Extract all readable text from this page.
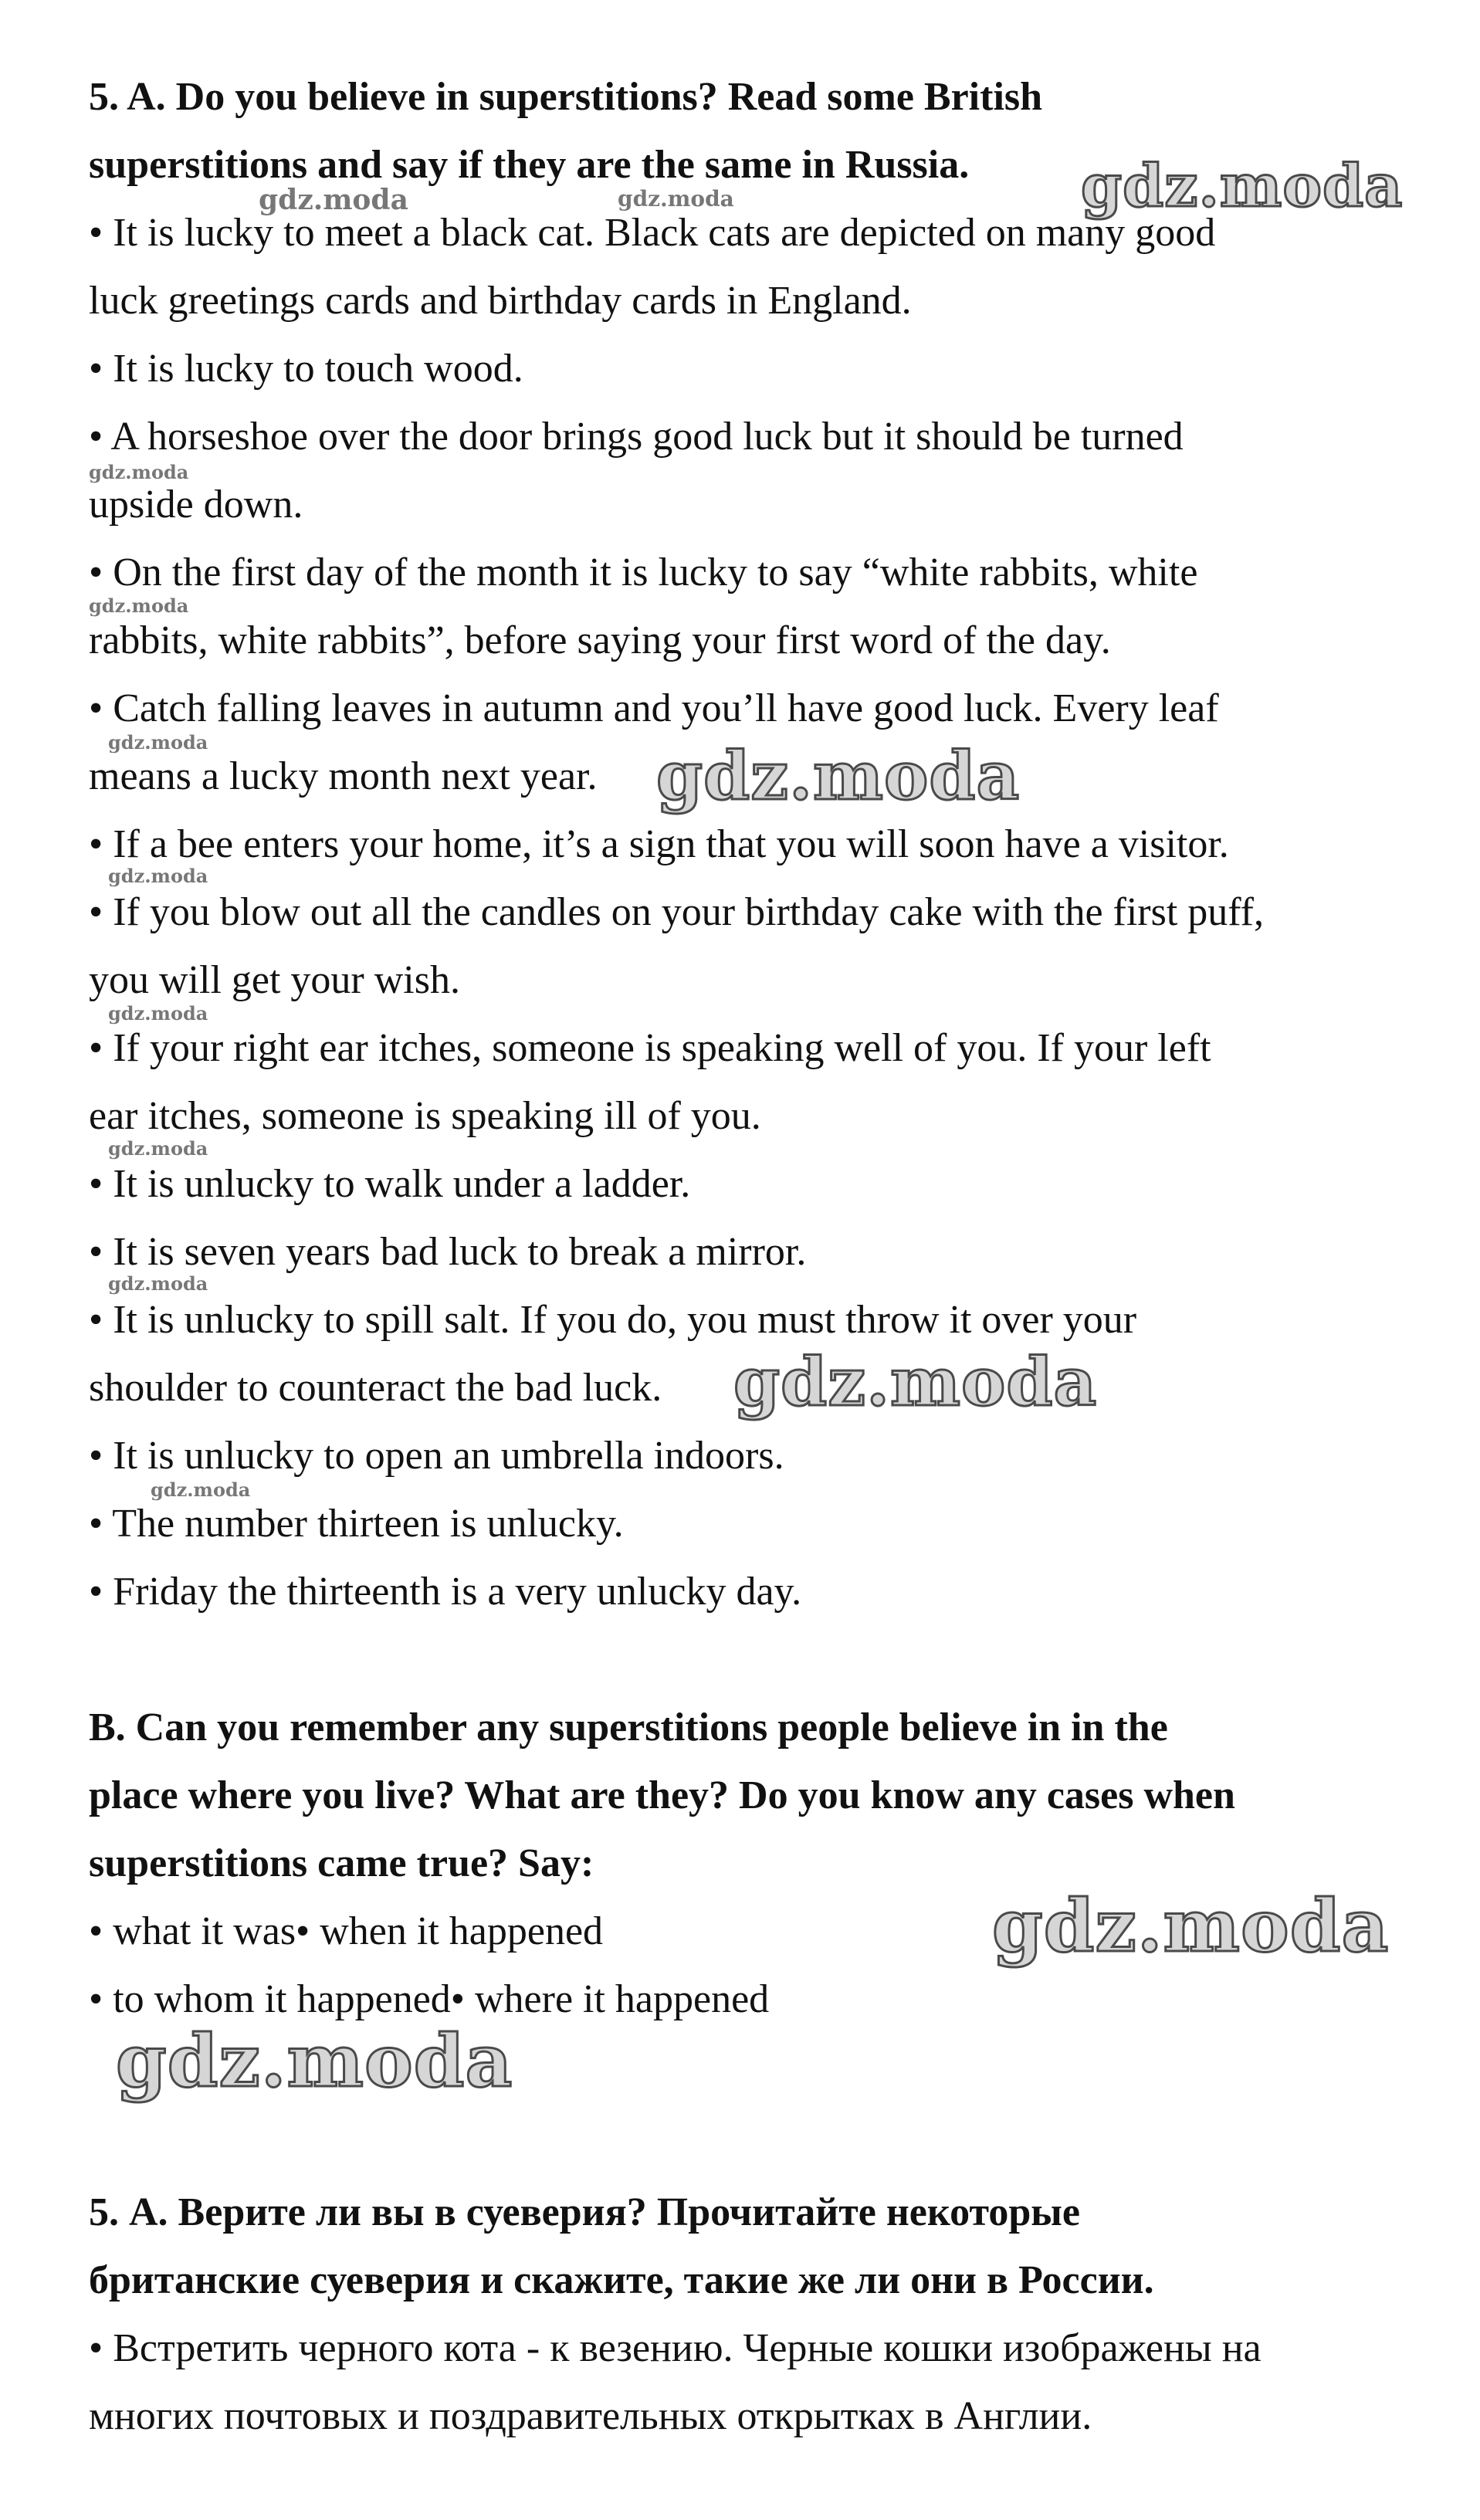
5. A. Do you believe in superstitions? Read some British
superstitions and say if they are the same in Russia.
• It is lucky to meet a black cat. Black cats are depicted on many good
luck greetings cards and birthday cards in England.
• It is lucky to touch wood.
• A horseshoe over the door brings good luck but it should be turned
upside down.
• On the first day of the month it is lucky to say “white rabbits, white
rabbits, white rabbits”, before saying your first word of the day.
• Catch falling leaves in autumn and you’ll have good luck. Every leaf
means a lucky month next year.
• If a bee enters your home, it’s a sign that you will soon have a visitor.
• If you blow out all the candles on your birthday cake with the first puff,
you will get your wish.
• If your right ear itches, someone is speaking well of you. If your left
ear itches, someone is speaking ill of you.
• It is unlucky to walk under a ladder.
• It is seven years bad luck to break a mirror.
• It is unlucky to spill salt. If you do, you must throw it over your
shoulder to counteract the bad luck.
• It is unlucky to open an umbrella indoors.
• The number thirteen is unlucky.
• Friday the thirteenth is a very unlucky day.
B. Can you remember any superstitions people believe in in the
place where you live? What are they? Do you know any cases when
superstitions came true? Say:
• what it was• when it happened
• to whom it happened• where it happened
5. А. Верите ли вы в суеверия? Прочитайте некоторые
британские суеверия и скажите, такие же ли они в России.
• Встретить черного кота - к везению. Черные кошки изображены на
многих почтовых и поздравительных открытках в Англии.
gdz.moda
gdz.moda
gdz.moda
gdz.moda
gdz.moda
gdz.moda	gdz.moda
gdz.moda
gdz.moda
gdz.moda
gdz.moda
gdz.moda
gdz.moda
gdz.moda
gdz.moda
